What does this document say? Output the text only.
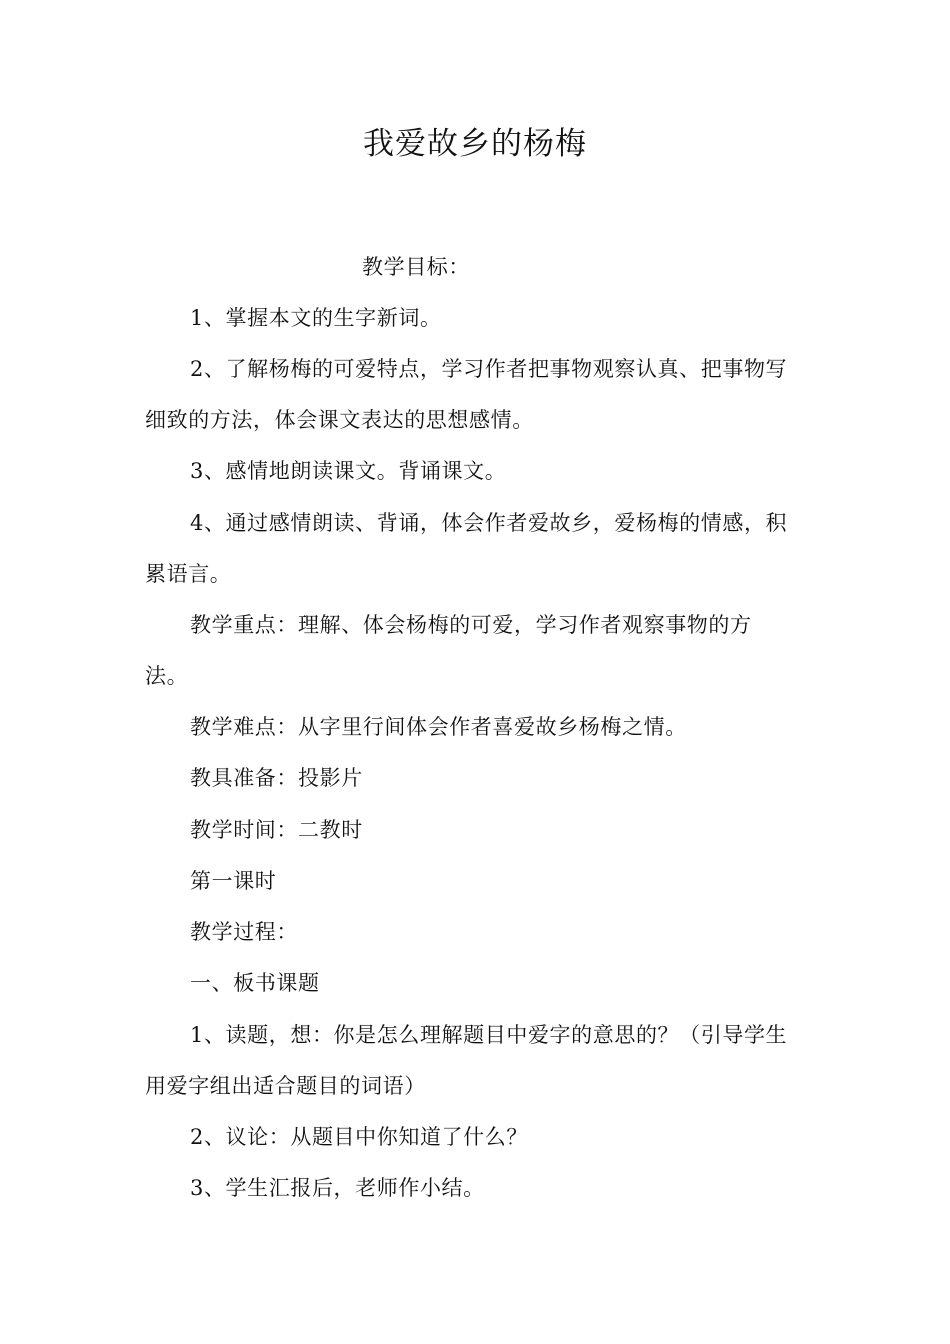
我爱故乡的杨梅
教学目标：
1、掌握本文的生字新词。
2、了解杨梅的可爱特点，学习作者把事物观察认真、把事物写
细致的方法，体会课文表达的思想感情。
3、感情地朗读课文。背诵课文。
4、通过感情朗读、背诵，体会作者爱故乡，爱杨梅的情感，积
累语言。
教学重点：理解、体会杨梅的可爱，学习作者观察事物的方
法。
教学难点：从字里行间体会作者喜爱故乡杨梅之情。
教具准备：投影片
教学时间：二教时
第一课时
教学过程：
一、板书课题
1、读题，想：你是怎么理解题目中爱字的意思的？（引导学生
用爱字组出适合题目的词语）
2、议论：从题目中你知道了什么？
3、学生汇报后，老师作小结。
